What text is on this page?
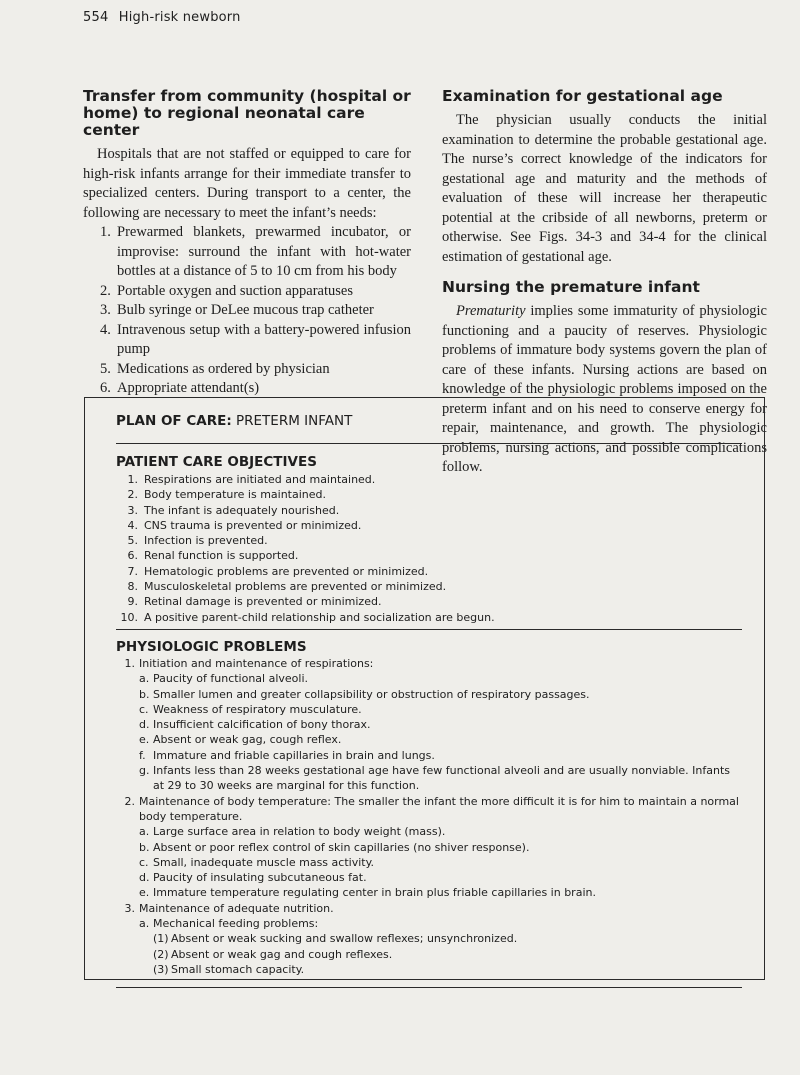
554 High-risk newborn
Transfer from community (hospital or home) to regional neonatal care center

Hospitals that are not staffed or equipped to care for high-risk infants arrange for their immediate transfer to specialized centers. During transport to a center, the following are necessary to meet the infant’s needs:

1. Prewarmed blankets, prewarmed incubator, or improvise: surround the infant with hot-water bottles at a distance of 5 to 10 cm from his body
2. Portable oxygen and suction apparatuses
3. Bulb syringe or DeLee mucous trap catheter
4. Intravenous setup with a battery-powered infusion pump
5. Medications as ordered by physician
6. Appropriate attendant(s)
Examination for gestational age

The physician usually conducts the initial examination to determine the probable gestational age. The nurse’s correct knowledge of the indicators for gestational age and maturity and the methods of evaluation of these will increase her therapeutic potential at the cribside of all newborns, preterm or otherwise. See Figs. 34-3 and 34-4 for the clinical estimation of gestational age.

Nursing the premature infant

Prematurity implies some immaturity of physiologic functioning and a paucity of reserves. Physiologic problems of immature body systems govern the plan of care of these infants. Nursing actions are based on knowledge of the physiologic problems imposed on the preterm infant and on his need to conserve energy for repair, maintenance, and growth. The physiologic problems, nursing actions, and possible complications follow.

PLAN OF CARE: PRETERM INFANT

PATIENT CARE OBJECTIVES
1. Respirations are initiated and maintained.
2. Body temperature is maintained.
3. The infant is adequately nourished.
4. CNS trauma is prevented or minimized.
5. Infection is prevented.
6. Renal function is supported.
7. Hematologic problems are prevented or minimized.
8. Musculoskeletal problems are prevented or minimized.
9. Retinal damage is prevented or minimized.
10. A positive parent-child relationship and socialization are begun.
PHYSIOLOGIC PROBLEMS
1. Initiation and maintenance of respirations:
a. Paucity of functional alveoli.
b. Smaller lumen and greater collapsibility or obstruction of respiratory passages.
c. Weakness of respiratory musculature.
d. Insufficient calcification of bony thorax.
e. Absent or weak gag, cough reflex.
f. Immature and friable capillaries in brain and lungs.
g. Infants less than 28 weeks gestational age have few functional alveoli and are usually nonviable. Infants at 29 to 30 weeks are marginal for this function.
2. Maintenance of body temperature: The smaller the infant the more difficult it is for him to maintain a normal body temperature.
a. Large surface area in relation to body weight (mass).
b. Absent or poor reflex control of skin capillaries (no shiver response).
c. Small, inadequate muscle mass activity.
d. Paucity of insulating subcutaneous fat.
e. Immature temperature regulating center in brain plus friable capillaries in brain.
3. Maintenance of adequate nutrition.
a. Mechanical feeding problems:
(1) Absent or weak sucking and swallow reflexes; unsynchronized.
(2) Absent or weak gag and cough reflexes.
(3) Small stomach capacity.
